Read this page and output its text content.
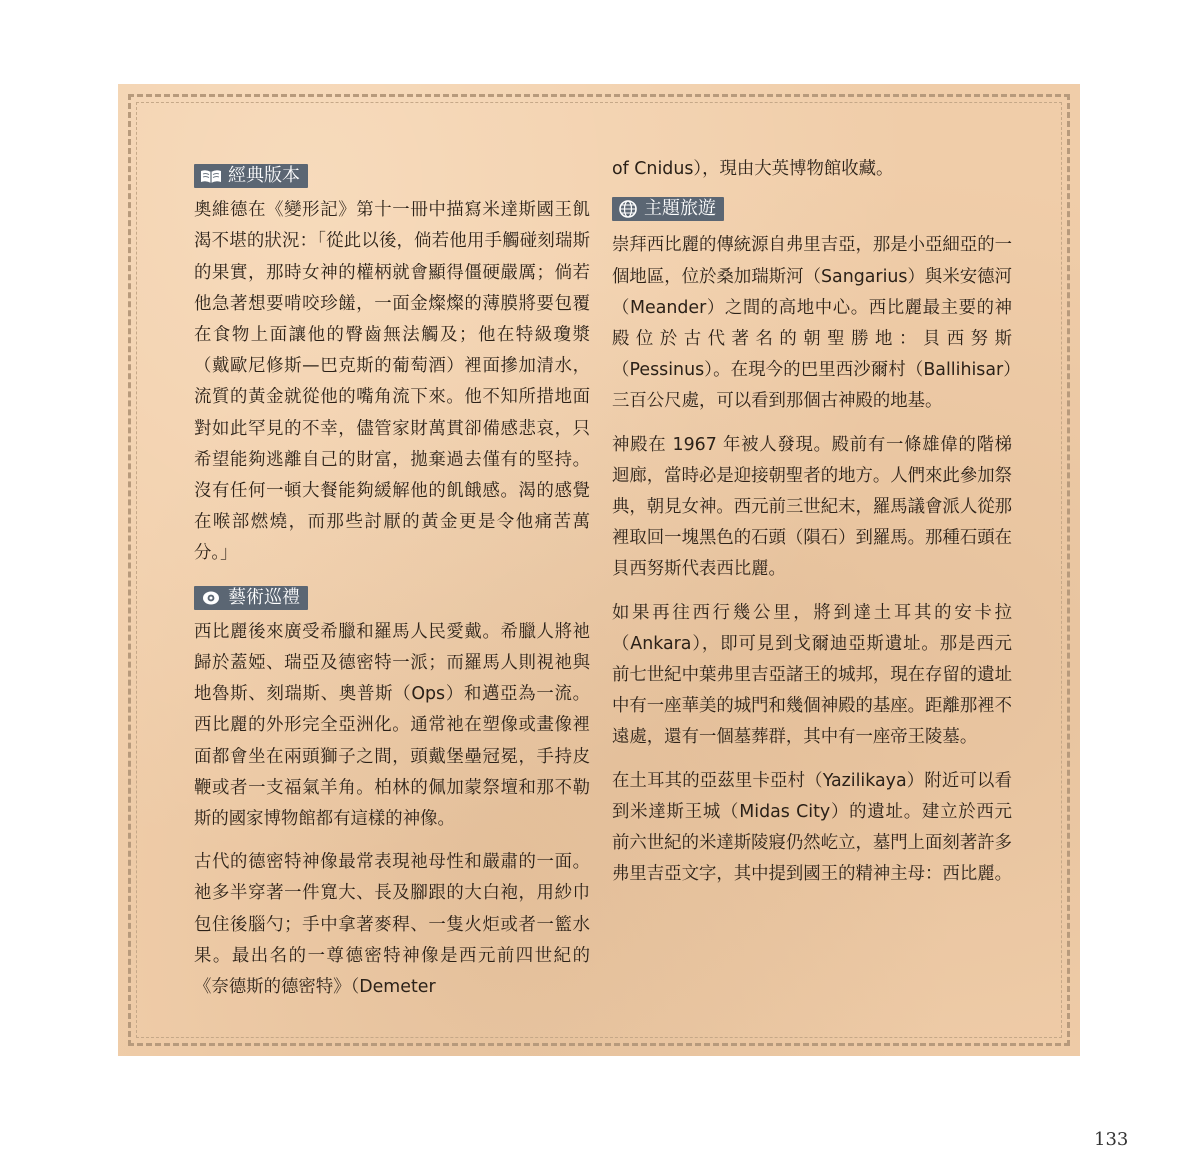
經典版本

奧維德在《變形記》第十一冊中描寫米達斯國王飢渴不堪的狀況：「從此以後，倘若他用手觸碰刻瑞斯的果實，那時女神的權柄就會顯得僵硬嚴厲；倘若他急著想要啃咬珍饈，一面金燦燦的薄膜將要包覆在食物上面讓他的臀齒無法觸及；他在特級瓊漿（戴歐尼修斯—巴克斯的葡萄酒）裡面摻加清水，流質的黃金就從他的嘴角流下來。他不知所措地面對如此罕見的不幸，儘管家財萬貫卻備感悲哀，只希望能夠逃離自己的財富，拋棄過去僅有的堅持。沒有任何一頓大餐能夠緩解他的飢餓感。渴的感覺在喉部燃燒，而那些討厭的黃金更是令他痛苦萬分。」

藝術巡禮

西比麗後來廣受希臘和羅馬人民愛戴。希臘人將祂歸於蓋婭、瑞亞及德密特一派；而羅馬人則視祂與地魯斯、刻瑞斯、奧普斯（Ops）和邁亞為一流。西比麗的外形完全亞洲化。通常祂在塑像或畫像裡面都會坐在兩頭獅子之間，頭戴堡壘冠冕，手持皮鞭或者一支福氣羊角。柏林的佩加蒙祭壇和那不勒斯的國家博物館都有這樣的神像。

古代的德密特神像最常表現祂母性和嚴肅的一面。祂多半穿著一件寬大、長及腳跟的大白袍，用紗巾包住後腦勺；手中拿著麥稈、一隻火炬或者一籃水果。最出名的一尊德密特神像是西元前四世紀的《奈德斯的德密特》（Demeter

of Cnidus），現由大英博物館收藏。

主題旅遊

崇拜西比麗的傳統源自弗里吉亞，那是小亞細亞的一個地區，位於桑加瑞斯河（Sangarius）與米安德河（Meander）之間的高地中心。西比麗最主要的神殿位於古代著名的朝聖勝地：貝西努斯（Pessinus）。在現今的巴里西沙爾村（Ballihisar）三百公尺處，可以看到那個古神殿的地基。

神殿在 1967 年被人發現。殿前有一條雄偉的階梯迴廊，當時必是迎接朝聖者的地方。人們來此參加祭典，朝見女神。西元前三世紀末，羅馬議會派人從那裡取回一塊黑色的石頭（隕石）到羅馬。那種石頭在貝西努斯代表西比麗。

如果再往西行幾公里，將到達土耳其的安卡拉（Ankara），即可見到戈爾迪亞斯遺址。那是西元前七世紀中葉弗里吉亞諸王的城邦，現在存留的遺址中有一座華美的城門和幾個神殿的基座。距離那裡不遠處，還有一個墓葬群，其中有一座帝王陵墓。

在土耳其的亞茲里卡亞村（Yazilikaya）附近可以看到米達斯王城（Midas City）的遺址。建立於西元前六世紀的米達斯陵寢仍然屹立，墓門上面刻著許多弗里吉亞文字，其中提到國王的精神主母：西比麗。

133
